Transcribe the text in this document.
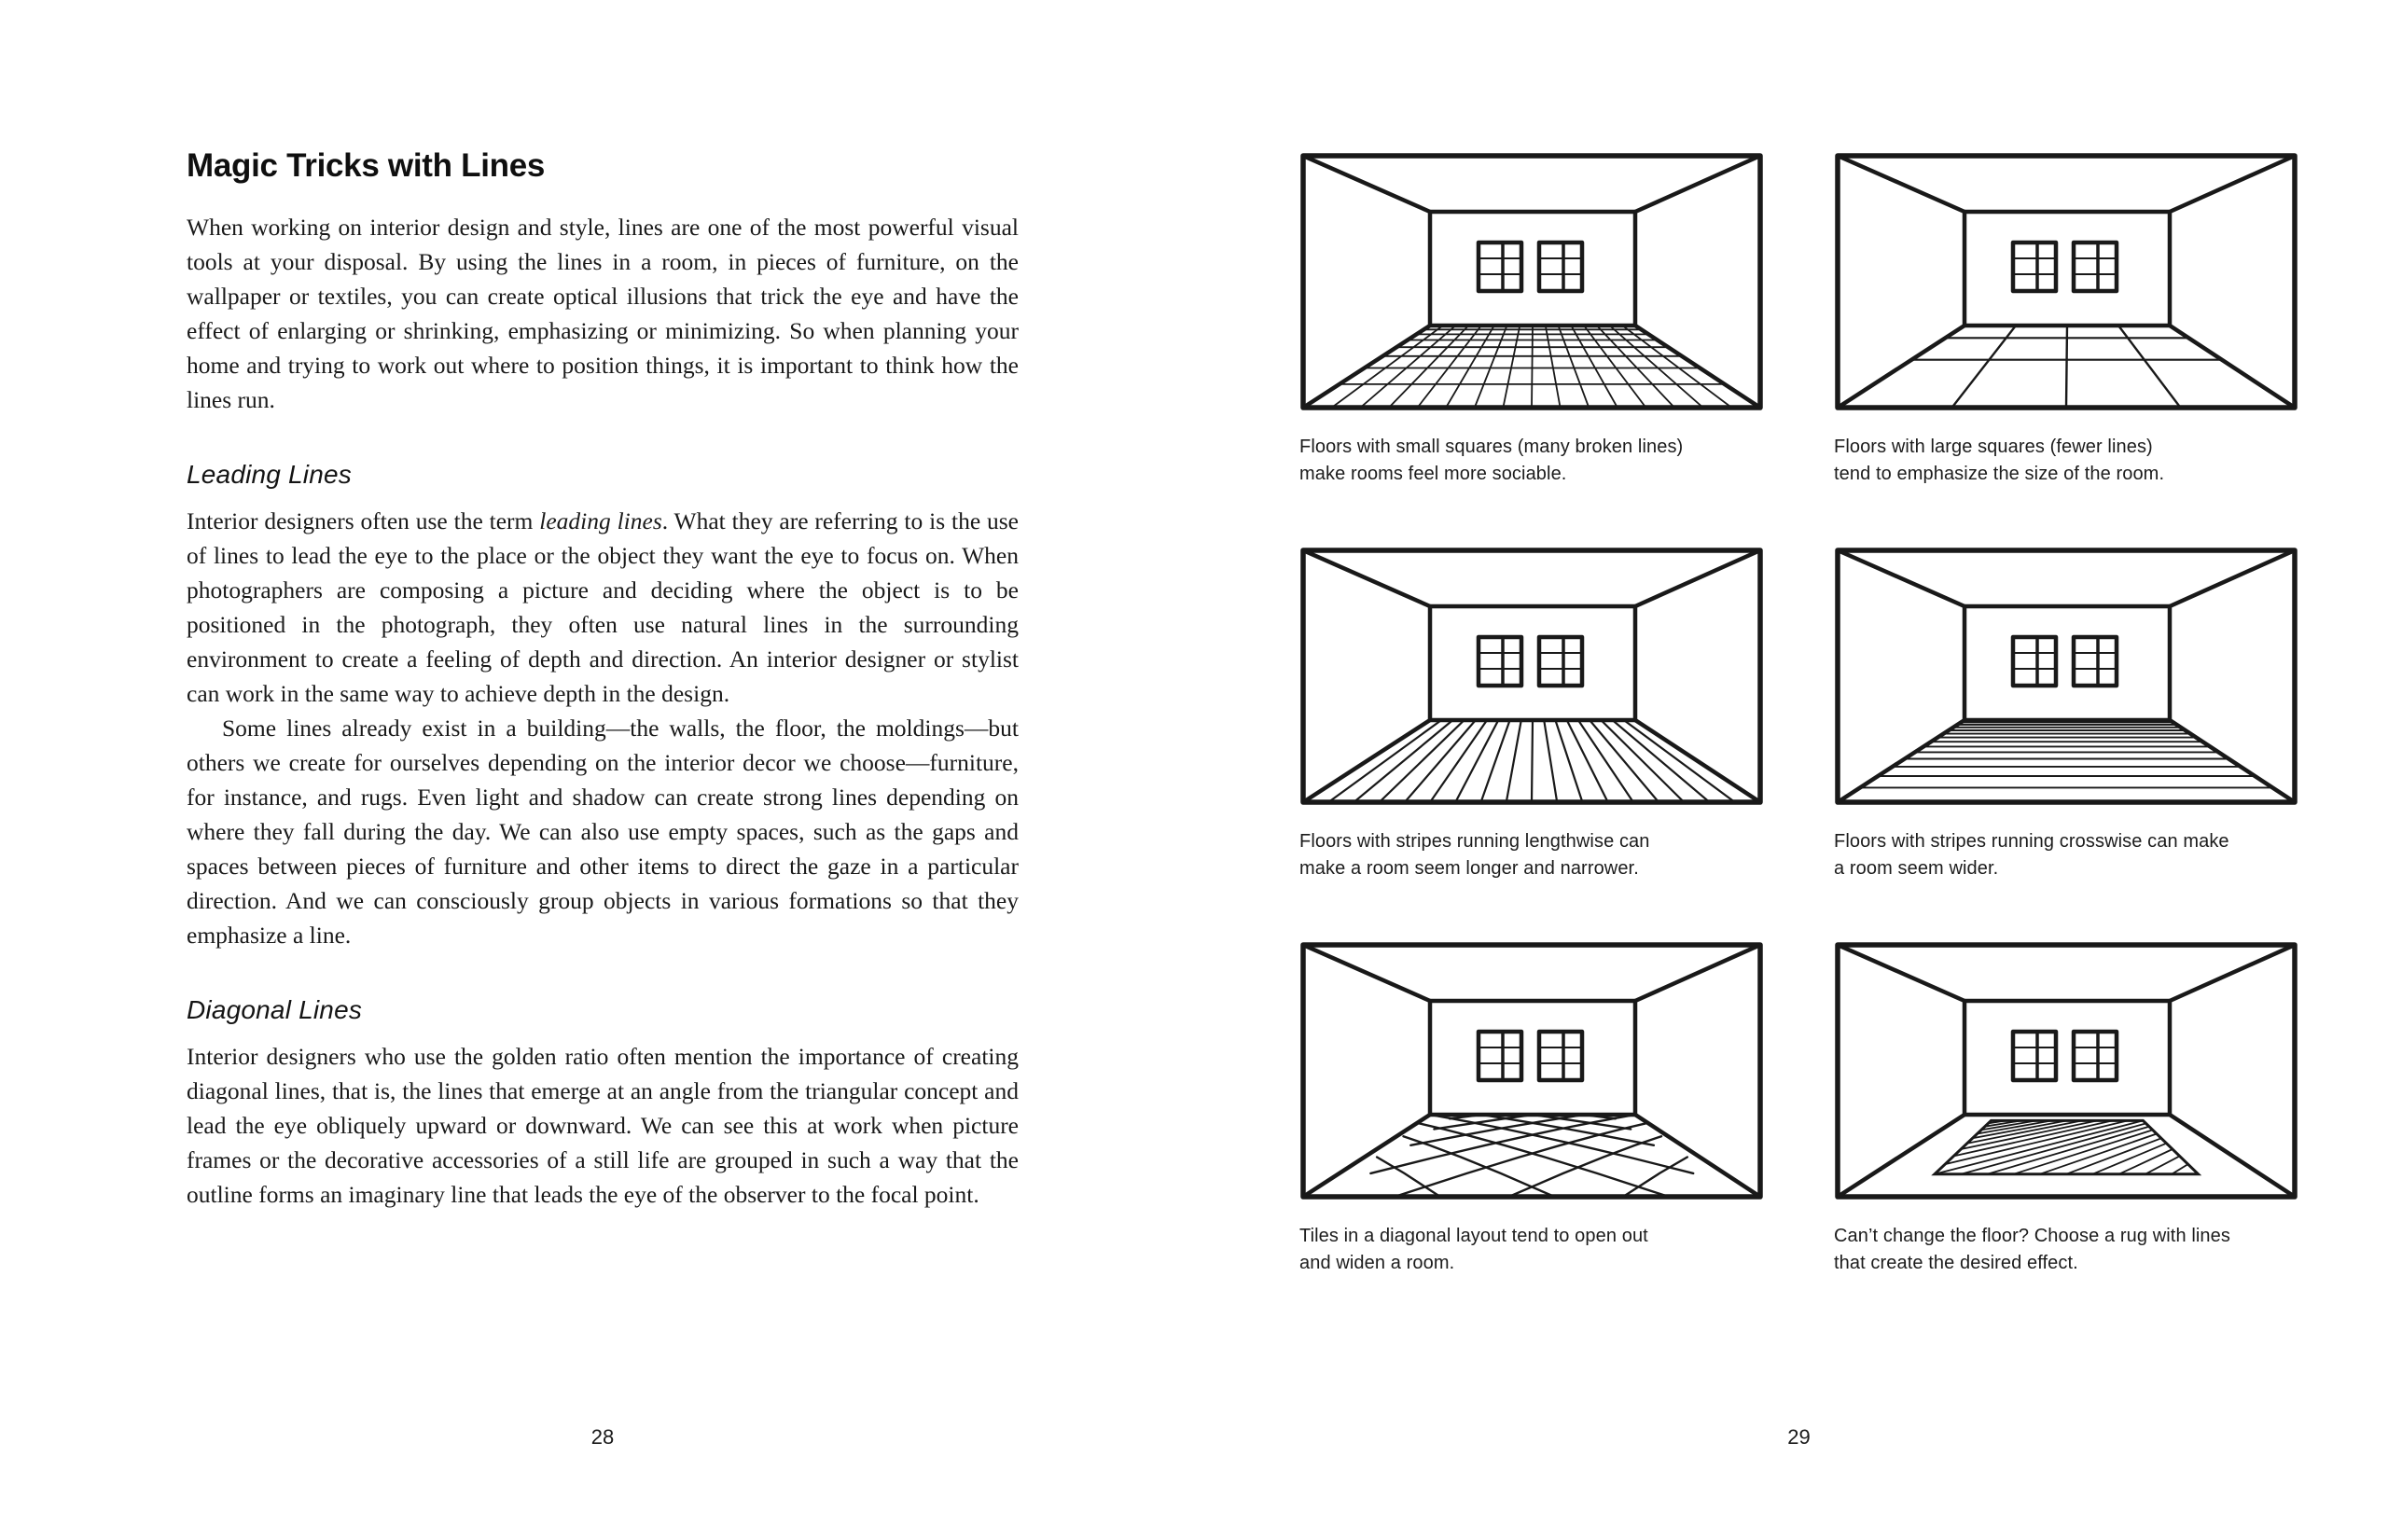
Magic Tricks with Lines

When working on interior design and style, lines are one of the most powerful visual tools at your disposal. By using the lines in a room, in pieces of furniture, on the wallpaper or textiles, you can create optical illusions that trick the eye and have the effect of enlarging or shrinking, emphasizing or minimizing. So when planning your home and trying to work out where to position things, it is important to think how the lines run.

Leading Lines

Interior designers often use the term leading lines. What they are referring to is the use of lines to lead the eye to the place or the object they want the eye to focus on. When photographers are composing a picture and deciding where the object is to be positioned in the photograph, they often use natural lines in the surrounding environment to create a feeling of depth and direction. An interior designer or stylist can work in the same way to achieve depth in the design.

Some lines already exist in a building—the walls, the floor, the moldings—but others we create for ourselves depending on the interior decor we choose—furniture, for instance, and rugs. Even light and shadow can create strong lines depending on where they fall during the day. We can also use empty spaces, such as the gaps and spaces between pieces of furniture and other items to direct the gaze in a particular direction. And we can consciously group objects in various formations so that they emphasize a line.

Diagonal Lines

Interior designers who use the golden ratio often mention the importance of creating diagonal lines, that is, the lines that emerge at an angle from the triangular concept and lead the eye obliquely upward or downward. We can see this at work when picture frames or the decorative accessories of a still life are grouped in such a way that the outline forms an imaginary line that leads the eye of the observer to the focal point.

Floors with small squares (many broken lines)
make rooms feel more sociable.
Floors with large squares (fewer lines)
tend to emphasize the size of the room.
Floors with stripes running lengthwise can
make a room seem longer and narrower.
Floors with stripes running crosswise can make
a room seem wider.
Tiles in a diagonal layout tend to open out
and widen a room.
Can’t change the floor? Choose a rug with lines
that create the desired effect.
28	29
